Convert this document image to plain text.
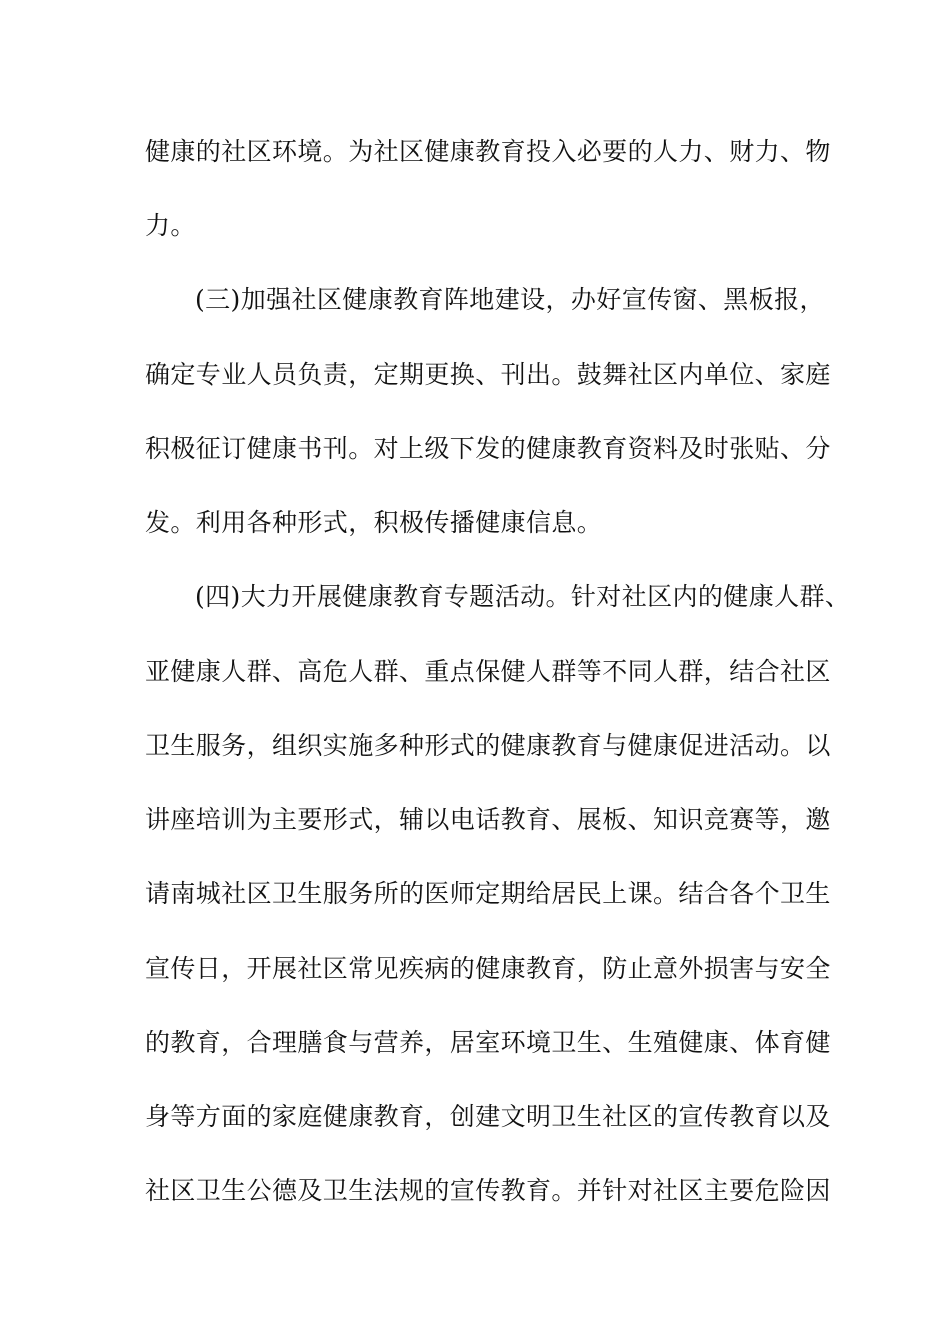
健康的社区环境。为社区健康教育投入必要的人力、财力、物
力。
(三)加强社区健康教育阵地建设，办好宣传窗、黑板报，
确定专业人员负责，定期更换、刊出。鼓舞社区内单位、家庭
积极征订健康书刊。对上级下发的健康教育资料及时张贴、分
发。利用各种形式，积极传播健康信息。
(四)大力开展健康教育专题活动。针对社区内的健康人群、
亚健康人群、高危人群、重点保健人群等不同人群，结合社区
卫生服务，组织实施多种形式的健康教育与健康促进活动。以
讲座培训为主要形式，辅以电话教育、展板、知识竞赛等，邀
请南城社区卫生服务所的医师定期给居民上课。结合各个卫生
宣传日，开展社区常见疾病的健康教育，防止意外损害与安全
的教育，合理膳食与营养，居室环境卫生、生殖健康、体育健
身等方面的家庭健康教育，创建文明卫生社区的宣传教育以及
社区卫生公德及卫生法规的宣传教育。并针对社区主要危险因
